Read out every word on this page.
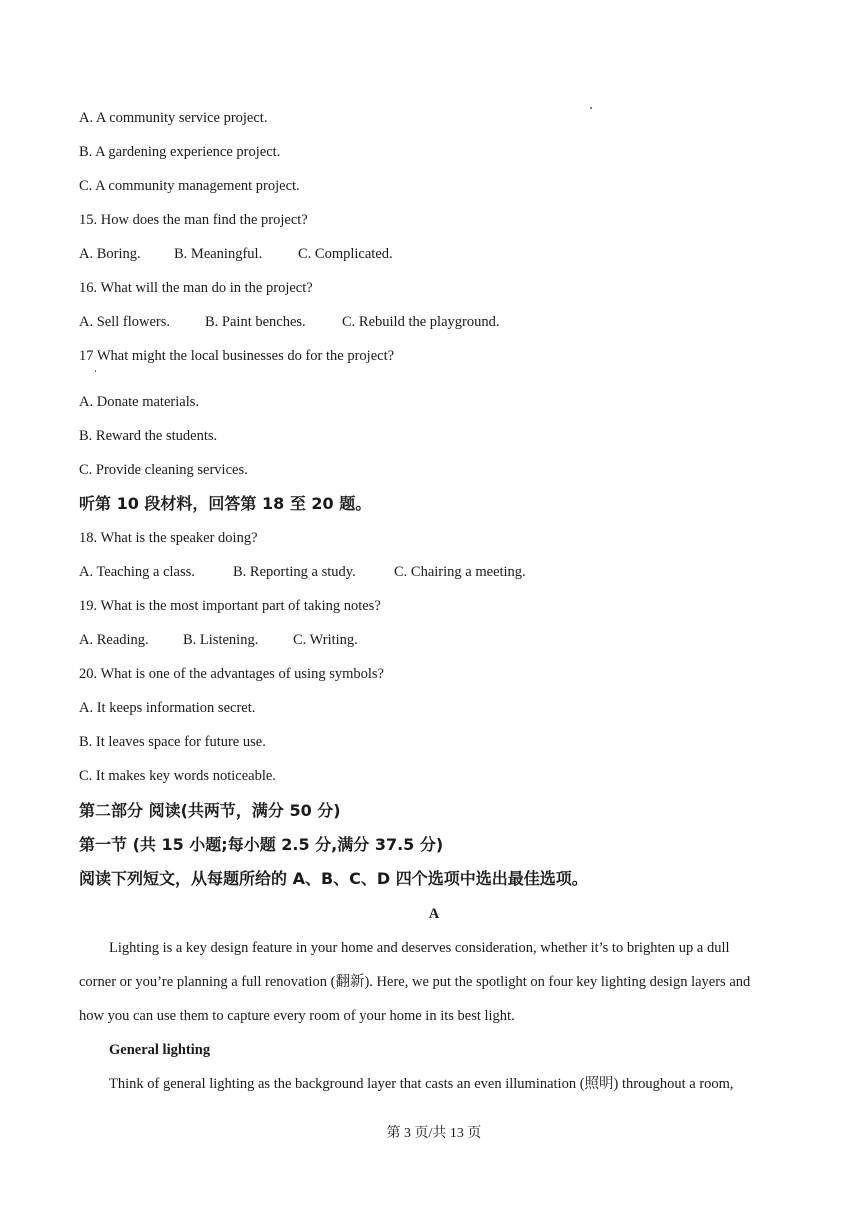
A. A community service project.
B. A gardening experience project.
C. A community management project.
15. How does the man find the project?
A. Boring. B. Meaningful. C. Complicated.
16. What will the man do in the project?
A. Sell flowers. B. Paint benches.	C. Rebuild the playground.
17 What might the local businesses do for the project?
A. Donate materials.
B. Reward the students.
C. Provide cleaning services.
听第 10 段材料，回答第 18 至 20 题。
18. What is the speaker doing?
A. Teaching a class.	B. Reporting a study.	C. Chairing a meeting.
19. What is the most important part of taking notes?
A. Reading. B. Listening. C. Writing.
20. What is one of the advantages of using symbols?
A. It keeps information secret.
B. It leaves space for future use.
C. It makes key words noticeable.
第二部分 阅读(共两节，满分 50 分)
第一节 (共 15 小题;每小题 2.5 分,满分 37.5 分)
阅读下列短文，从每题所给的 A、B、C、D 四个选项中选出最佳选项。
A
Lighting is a key design feature in your home and deserves consideration, whether it’s to brighten up a dull
corner or you’re planning a full renovation (翻新). Here, we put the spotlight on four key lighting design layers and
how you can use them to capture every room of your home in its best light.
General lighting
Think of general lighting as the background layer that casts an even illumination (照明) throughout a room,
第 3 页/共 13 页
